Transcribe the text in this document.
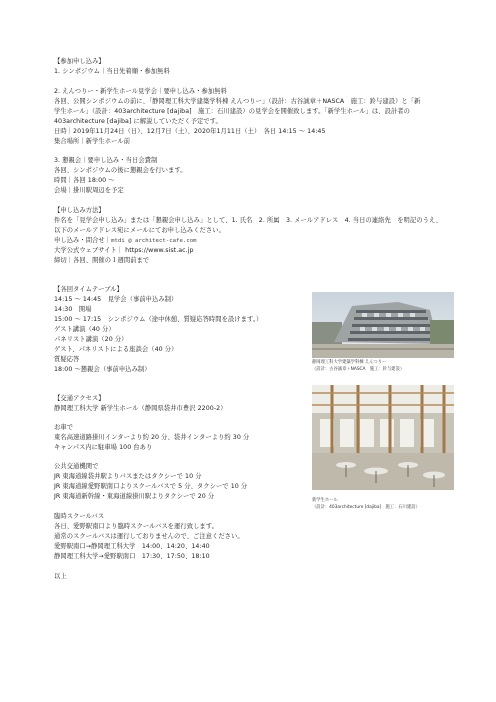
【参加申し込み】
1. シンポジウム｜当日先着順・参加無料
2. えんつりー・新学生ホール見学会｜要申し込み・参加無料
各回、公開シンポジウムの前に、「静岡理工科大学建築学科棟 えんつりー」（設計：古谷誠章＋NASCA　施工：鈴与建設）と「新
学生ホール」（設計：403architecture [dajiba]　施工：石川建設）の見学会を開催致します。「新学生ホール」は、設計者の
403architecture [dajiba] に解説していただく予定です。
日時｜2019年11月24日（日）、12月7日（土）、2020年1月11日（土）　各日 14:15 ～ 14:45
集合場所｜新学生ホール前
3. 懇親会｜要申し込み・当日会費制
各回、シンポジウムの後に懇親会を行います。
時間｜各回 18:00 ～
会場｜掛川駅周辺を予定
【申し込み方法】
件名を「見学会申し込み」または「懇親会申し込み」として、1. 氏名　2. 所属　3. メールアドレス　4. 当日の連絡先　を明記のうえ、
以下のメールアドレス宛にメールにてお申し込みください。
申し込み・問合せ｜mtdi @ architect-cafe.com
大学公式ウェブサイト｜ https://www.sist.ac.jp
締切｜各回、開催の１週間前まで
【各回タイムテーブル】
14:15 ～ 14:45　見学会（事前申込み制）
14:30　開場
15:00 ～ 17:15　シンポジウム（途中休憩、質疑応答時間を設けます。）
ゲスト講演（40 分）
パネリスト講演（20 分）
ゲスト、パネリストによる座談会（40 分）
質疑応答
18:00 ～懇親会（事前申込み制）
【交通アクセス】
静岡理工科大学 新学生ホール（静岡県袋井市豊沢 2200-2）
お車で
東名高速道路掛川インターより約 20 分、袋井インターより約 30 分
キャンパス内に駐車場 100 台あり
公共交通機関で
JR 東海道線袋井駅よりバスまたはタクシーで 10 分
JR 東海道線愛野駅南口よりスクールバスで 5 分、タクシーで 10 分
JR 東海道新幹線・東海道線掛川駅よりタクシーで 20 分
臨時スクールバス
各日、愛野駅南口より臨時スクールバスを運行致します。
通常のスクールバスは運行しておりませんので、ご注意ください。
愛野駅南口→静岡理工科大学　14:00、14:20、14:40
静岡理工科大学→愛野駅南口　17:30、17:50、18:10
以上
静岡理工科大学建築学科棟 えんつりー
（設計：古谷誠章＋NASCA　施工：鈴与建設）
新学生ホール
（設計：403architecture [dajiba]　施工：石川建設）
